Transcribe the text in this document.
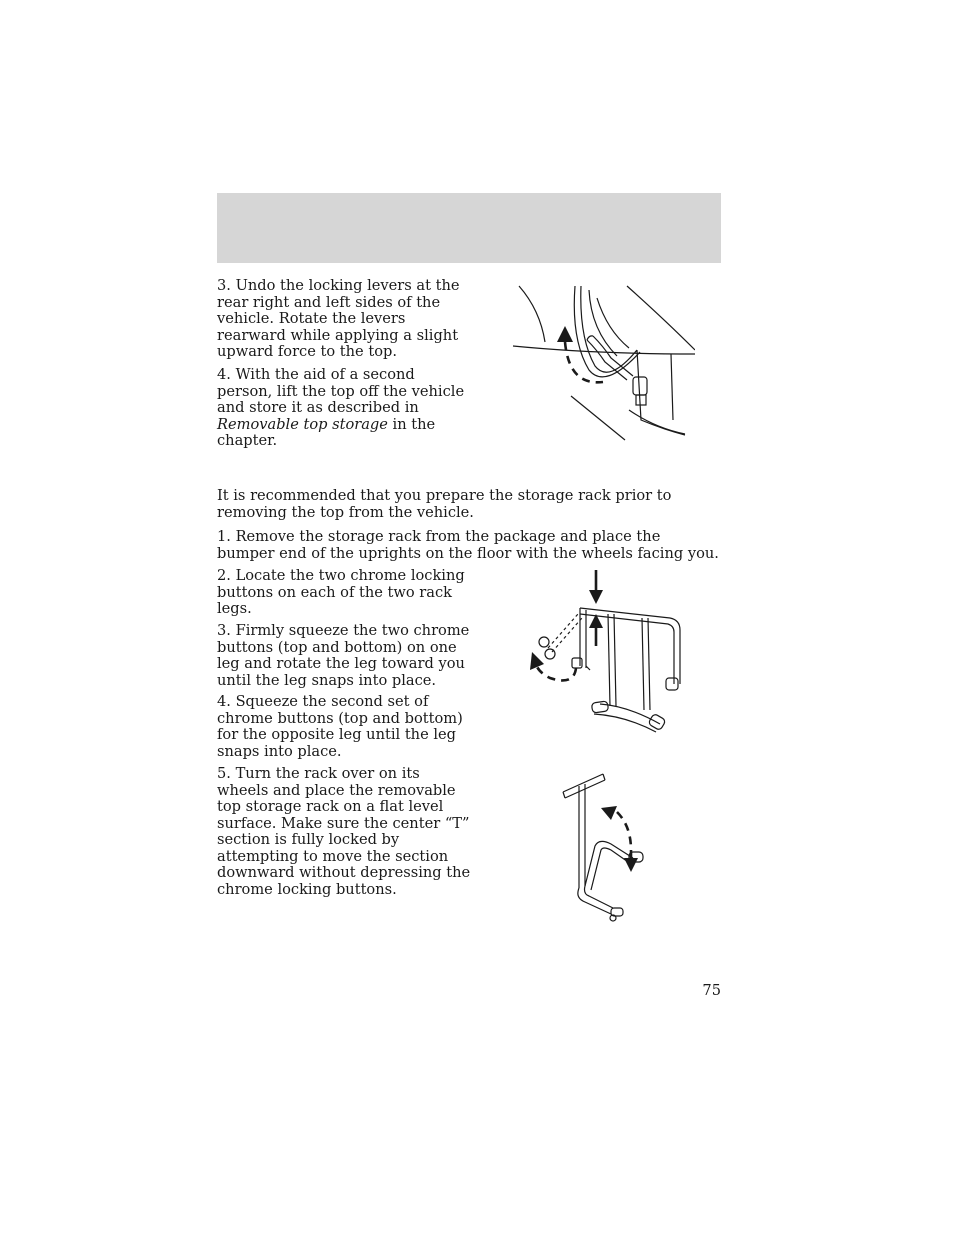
3. Undo the locking levers at the rear right and left sides of the vehicle. Rotate the levers rearward while applying a slight upward force to the top.

4. With the aid of a second person, lift the top off the vehicle and store it as described in Removable top storage in the chapter.

It is recommended that you prepare the storage rack prior to removing the top from the vehicle.

1. Remove the storage rack from the package and place the bumper end of the uprights on the floor with the wheels facing you.

2. Locate the two chrome locking buttons on each of the two rack legs.

3. Firmly squeeze the two chrome buttons (top and bottom) on one leg and rotate the leg toward you until the leg snaps into place.

4. Squeeze the second set of chrome buttons (top and bottom) for the opposite leg until the leg snaps into place.

5. Turn the rack over on its wheels and place the removable top storage rack on a flat level surface. Make sure the center “T” section is fully locked by attempting to move the section downward without depressing the chrome locking buttons.

75
